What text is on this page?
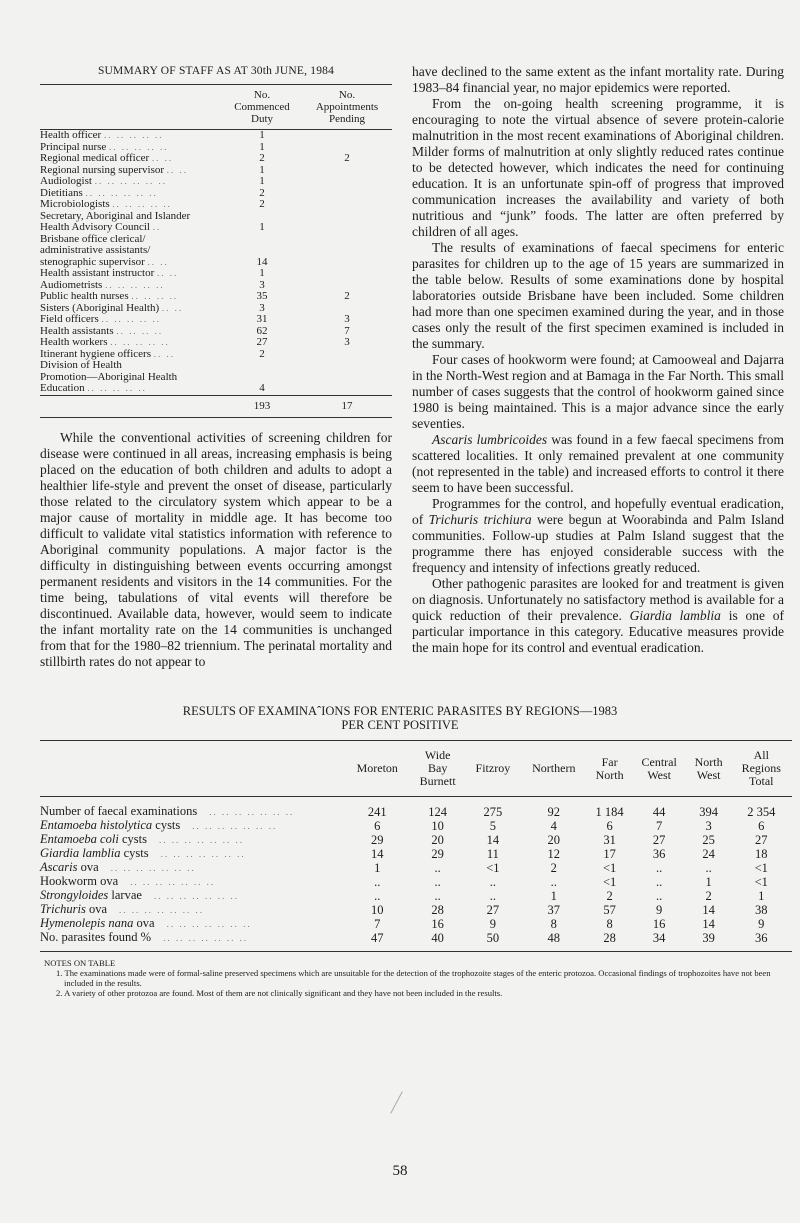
SUMMARY OF STAFF AS AT 30th JUNE, 1984
	No.
Commenced
Duty	No.
Appointments
Pending
Health officer .. .. .. .. ..	1	
Principal nurse .. .. .. .. ..	1	
Regional medical officer .. ..	2	2
Regional nursing supervisor .. ..	1	
Audiologist .. .. .. .. .. ..	1	
Dietitians .. .. .. .. .. ..	2	
Microbiologists .. .. .. .. ..	2	
Secretary, Aboriginal and Islander		
Health Advisory Council ..	1	
Brisbane office clerical/		
administrative assistants/		
stenographic supervisor .. ..	14	
Health assistant instructor .. ..	1	
Audiometrists .. .. .. .. ..	3	
Public health nurses .. .. .. ..	35	2
Sisters (Aboriginal Health) .. ..	3	
Field officers .. .. .. .. ..	31	3
Health assistants .. .. .. ..	62	7
Health workers .. .. .. .. ..	27	3
Itinerant hygiene officers .. ..	2	
Division of Health		
Promotion—Aboriginal Health		
Education .. .. .. .. ..	4	
	193	17

While the conventional activities of screening children for disease were continued in all areas, increasing emphasis is being placed on the education of both children and adults to adopt a healthier life-style and prevent the onset of disease, particularly those related to the circulatory system which appear to be a major cause of mortality in middle age. It has become too difficult to validate vital statistics information with reference to Aboriginal community populations. A major factor is the difficulty in distinguishing between events occurring amongst permanent residents and visitors in the 14 communities. For the time being, tabulations of vital events will therefore be discontinued. Available data, however, would seem to indicate the infant mortality rate on the 14 communities is unchanged from that for the 1980–82 triennium. The perinatal mortality and stillbirth rates do not appear to

have declined to the same extent as the infant mortality rate. During 1983–84 financial year, no major epidemics were reported.

From the on-going health screening programme, it is encouraging to note the virtual absence of severe protein-calorie malnutrition in the most recent examinations of Aboriginal children. Milder forms of malnutrition at only slightly reduced rates continue to be detected however, which indicates the need for continuing education. It is an unfortunate spin-off of progress that improved communication increases the availability and variety of both nutritious and “junk” foods. The latter are often preferred by children of all ages.

The results of examinations of faecal specimens for enteric parasites for children up to the age of 15 years are summarized in the table below. Results of some examinations done by hospital laboratories outside Brisbane have been included. Some children had more than one specimen examined during the year, and in those cases only the result of the first specimen examined is included in the summary.

Four cases of hookworm were found; at Camooweal and Dajarra in the North-West region and at Bamaga in the Far North. This small number of cases suggests that the control of hookworm gained since 1980 is being maintained. This is a major advance since the early seventies.

Ascaris lumbricoides was found in a few faecal specimens from scattered localities. It only remained prevalent at one community (not represented in the table) and increased efforts to control it there seem to have been successful.

Programmes for the control, and hopefully eventual eradication, of Trichuris trichiura were begun at Woorabinda and Palm Island communities. Follow-up studies at Palm Island suggest that the programme there has enjoyed considerable success with the frequency and intensity of infections greatly reduced.

Other pathogenic parasites are looked for and treatment is given on diagnosis. Unfortunately no satisfactory method is available for a quick reduction of their prevalence. Giardia lamblia is one of particular importance in this category. Educative measures provide the main hope for its control and eventual eradication.

RESULTS OF EXAMINAˆIONS FOR ENTERIC PARASITES BY REGIONS—1983
PER CENT POSITIVE
	Moreton	Wide
Bay
Burnett	Fitzroy	Northern	Far
North	Central
West	North
West	All
Regions
Total
Number of faecal examinations .. .. .. .. .. .. ..	241	124	275	92	1 184	44	394	2 354
Entamoeba histolytica cysts .. .. .. .. .. .. ..	6	10	5	4	6	7	3	6
Entamoeba coli cysts .. .. .. .. .. .. ..	29	20	14	20	31	27	25	27
Giardia lamblia cysts .. .. .. .. .. .. ..	14	29	11	12	17	36	24	18
Ascaris ova .. .. .. .. .. .. ..	1	..	<1	2	<1	..	..	<1
Hookworm ova .. .. .. .. .. .. ..	..	..	..	..	<1	..	1	<1
Strongyloides larvae .. .. .. .. .. .. ..	..	..	..	1	2	..	2	1
Trichuris ova .. .. .. .. .. .. ..	10	28	27	37	57	9	14	38
Hymenolepis nana ova .. .. .. .. .. .. ..	7	16	9	8	8	16	14	9
No. parasites found % .. .. .. .. .. .. ..	47	40	50	48	28	34	39	36

NOTES ON TABLE
1. The examinations made were of formal-saline preserved specimens which are unsuitable for the detection of the trophozoite stages of the enteric protozoa. Occasional findings of trophozoites have not been included in the results.
2. A variety of other protozoa are found. Most of them are not clinically significant and they have not been included in the results.
58
